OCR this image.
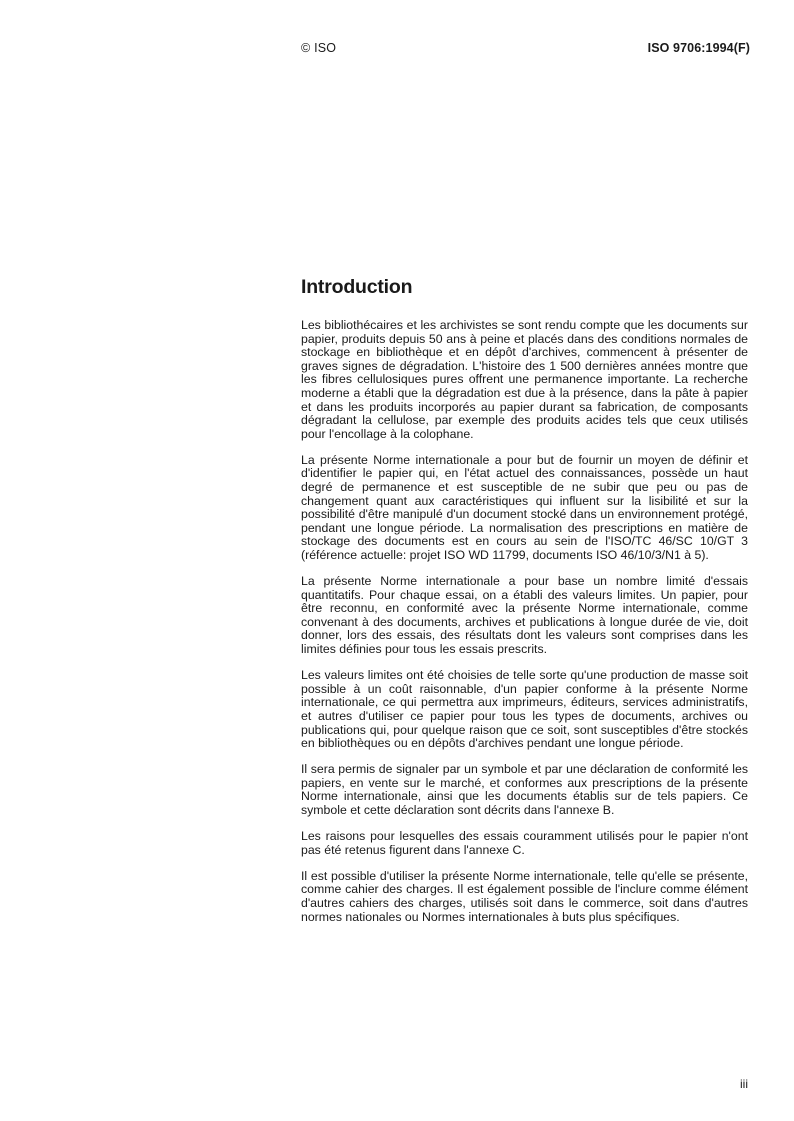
© ISO	ISO 9706:1994(F)
Introduction

Les bibliothécaires et les archivistes se sont rendu compte que les documents sur papier, produits depuis 50 ans à peine et placés dans des conditions normales de stockage en bibliothèque et en dépôt d'archives, commencent à présenter de graves signes de dégradation. L'histoire des 1 500 dernières années montre que les fibres cellulosiques pures offrent une permanence importante. La recherche moderne a établi que la dégradation est due à la présence, dans la pâte à papier et dans les produits incorporés au papier durant sa fabrication, de composants dégradant la cellulose, par exemple des produits acides tels que ceux utilisés pour l'encollage à la colophane.

La présente Norme internationale a pour but de fournir un moyen de définir et d'identifier le papier qui, en l'état actuel des connaissances, possède un haut degré de permanence et est susceptible de ne subir que peu ou pas de changement quant aux caractéristiques qui influent sur la lisibilité et sur la possibilité d'être manipulé d'un document stocké dans un environnement protégé, pendant une longue période. La normalisation des prescriptions en matière de stockage des documents est en cours au sein de l'ISO/TC 46/SC 10/GT 3 (référence actuelle: projet ISO WD 11799, documents ISO 46/10/3/N1 à 5).

La présente Norme internationale a pour base un nombre limité d'essais quantitatifs. Pour chaque essai, on a établi des valeurs limites. Un papier, pour être reconnu, en conformité avec la présente Norme internationale, comme convenant à des documents, archives et publications à longue durée de vie, doit donner, lors des essais, des résultats dont les valeurs sont comprises dans les limites définies pour tous les essais prescrits.

Les valeurs limites ont été choisies de telle sorte qu'une production de masse soit possible à un coût raisonnable, d'un papier conforme à la présente Norme internationale, ce qui permettra aux imprimeurs, éditeurs, services administratifs, et autres d'utiliser ce papier pour tous les types de documents, archives ou publications qui, pour quelque raison que ce soit, sont susceptibles d'être stockés en bibliothèques ou en dépôts d'archives pendant une longue période.

Il sera permis de signaler par un symbole et par une déclaration de conformité les papiers, en vente sur le marché, et conformes aux prescriptions de la présente Norme internationale, ainsi que les documents établis sur de tels papiers. Ce symbole et cette déclaration sont décrits dans l'annexe B.

Les raisons pour lesquelles des essais couramment utilisés pour le papier n'ont pas été retenus figurent dans l'annexe C.

Il est possible d'utiliser la présente Norme internationale, telle qu'elle se présente, comme cahier des charges. Il est également possible de l'inclure comme élément d'autres cahiers des charges, utilisés soit dans le commerce, soit dans d'autres normes nationales ou Normes internationales à buts plus spécifiques.

iii
